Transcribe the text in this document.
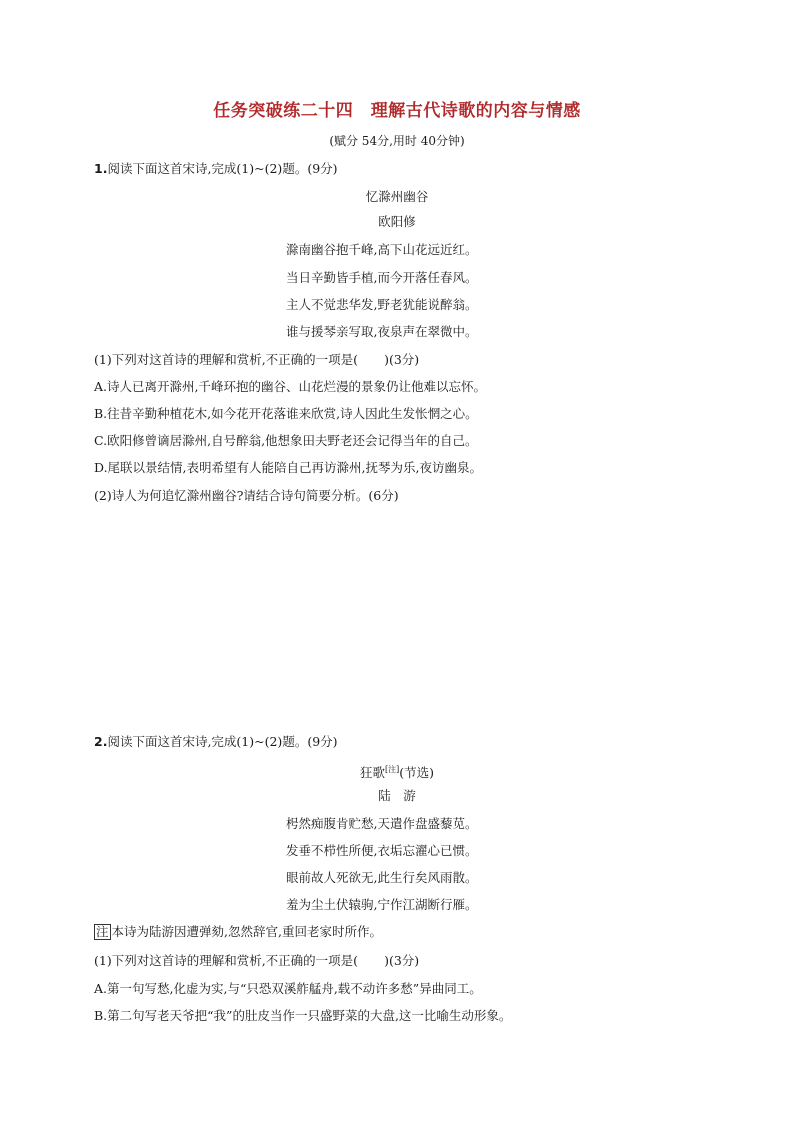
任务突破练二十四　理解古代诗歌的内容与情感
(赋分 54分,用时 40分钟)
1.阅读下面这首宋诗,完成(1)~(2)题。(9分)
忆滁州幽谷
欧阳修
滁南幽谷抱千峰,高下山花远近红。
当日辛勤皆手植,而今开落任春风。
主人不觉悲华发,野老犹能说醉翁。
谁与援琴亲写取,夜泉声在翠微中。
(1)下列对这首诗的理解和赏析,不正确的一项是( )(3分)
A.诗人已离开滁州,千峰环抱的幽谷、山花烂漫的景象仍让他难以忘怀。
B.往昔辛勤种植花木,如今花开花落谁来欣赏,诗人因此生发怅惘之心。
C.欧阳修曾谪居滁州,自号醉翁,他想象田夫野老还会记得当年的自己。
D.尾联以景结情,表明希望有人能陪自己再访滁州,抚琴为乐,夜访幽泉。
(2)诗人为何追忆滁州幽谷?请结合诗句简要分析。(6分)
2.阅读下面这首宋诗,完成(1)~(2)题。(9分)
狂歌[注](节选)
陆　游
枵然痴腹肯贮愁,天遣作盘盛藜苋。
发垂不栉性所便,衣垢忘濯心已惯。
眼前故人死欲无,此生行矣风雨散。
羞为尘土伏辕驹,宁作江湖断行雁。
注 本诗为陆游因遭弹劾,忽然辞官,重回老家时所作。
(1)下列对这首诗的理解和赏析,不正确的一项是( )(3分)
A.第一句写愁,化虚为实,与“只恐双溪舴艋舟,载不动许多愁”异曲同工。
B.第二句写老天爷把“我”的肚皮当作一只盛野菜的大盘,这一比喻生动形象。
